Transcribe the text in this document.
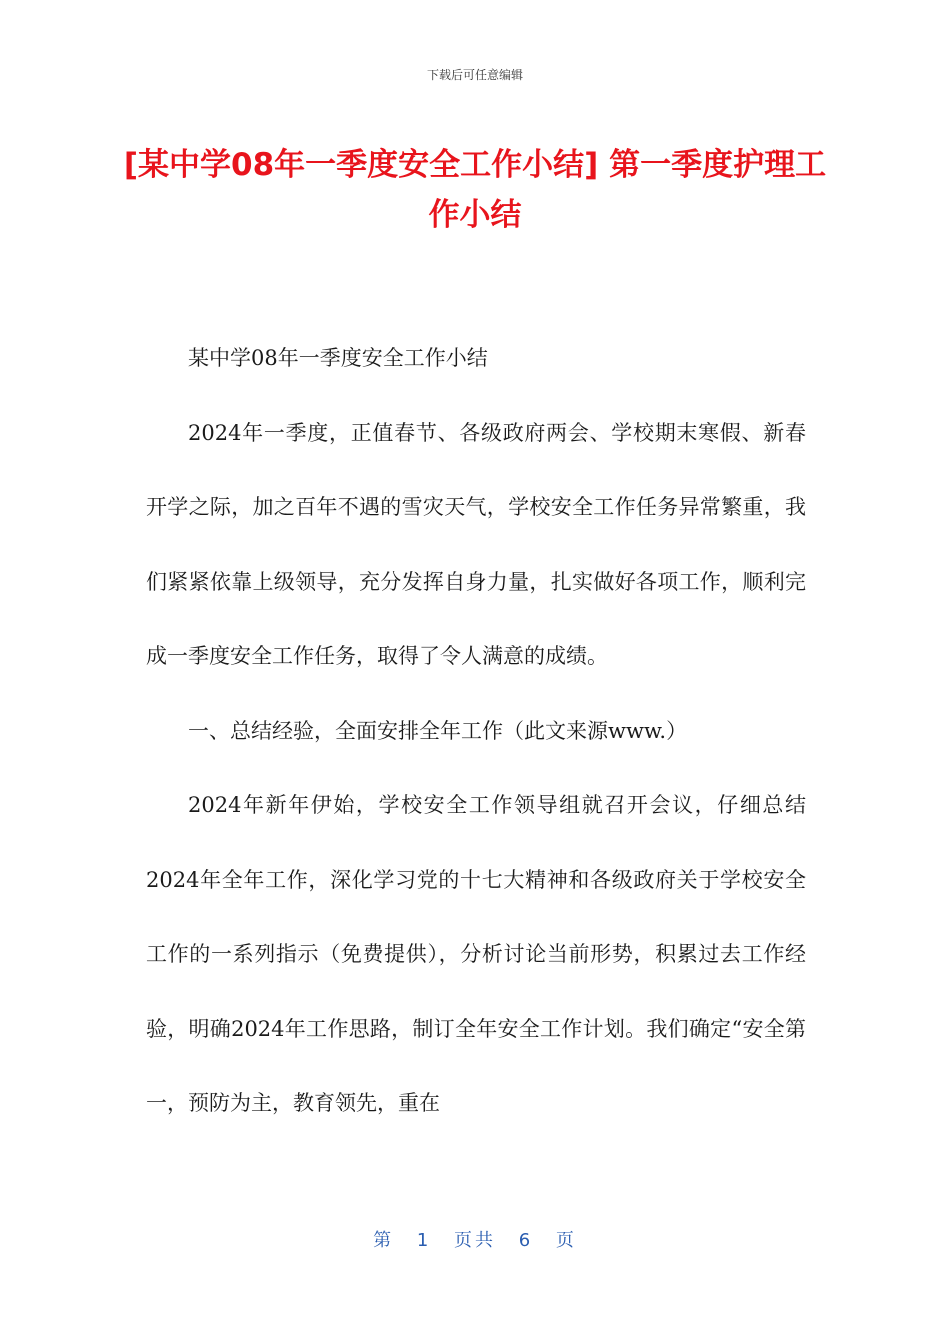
下载后可任意编辑
[某中学08年一季度安全工作小结] 第一季度护理工作小结

某中学08年一季度安全工作小结

2024年一季度，正值春节、各级政府两会、学校期末寒假、新春开学之际，加之百年不遇的雪灾天气，学校安全工作任务异常繁重，我们紧紧依靠上级领导，充分发挥自身力量，扎实做好各项工作，顺利完成一季度安全工作任务，取得了令人满意的成绩。

一、总结经验，全面安排全年工作（此文来源www.）

2024年新年伊始，学校安全工作领导组就召开会议，仔细总结2024年全年工作，深化学习党的十七大精神和各级政府关于学校安全工作的一系列指示（免费提供），分析讨论当前形势，积累过去工作经验，明确2024年工作思路，制订全年安全工作计划。我们确定“安全第一，预防为主，教育领先，重在

第 1 页共 6 页
